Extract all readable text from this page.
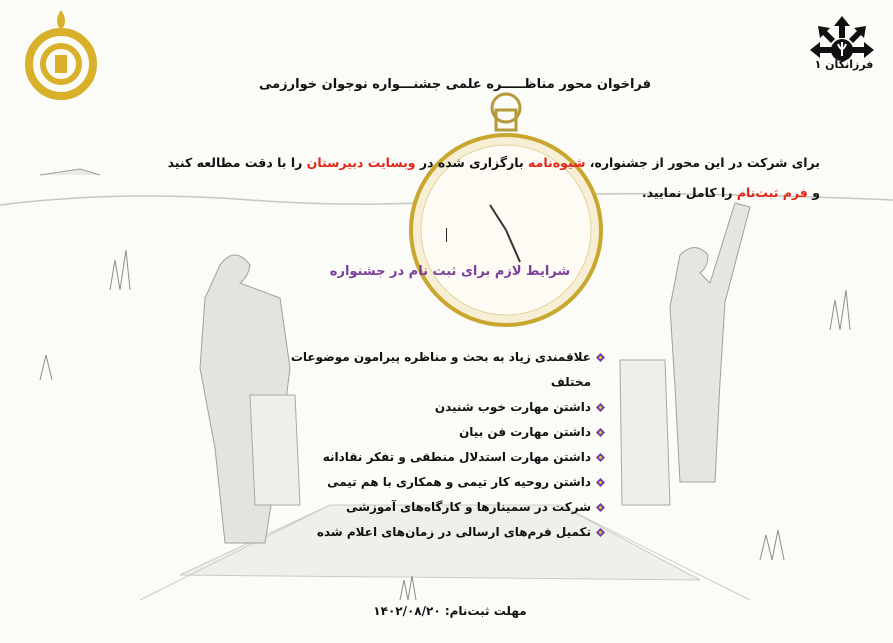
فرزانگان ۱
فراخوان محور مناظـــــره علمی جشنـــواره نوجوان خوارزمی
برای شرکت در این محور از جشنواره، شیوه‌نامه بارگزاری شده در وبسایت دبیرستان را با دقت مطالعه کنید
و فرم ثبت‌نام را کامل نمایید.
شرایط لازم برای ثبت نام در جشنواره
علاقمندی زیاد به بحث و مناظره پیرامون موضوعات مختلف
داشتن مهارت خوب شنیدن
داشتن مهارت فن بیان
داشتن مهارت استدلال منطقی و تفکر نقادانه
داشتن روحیه کار تیمی و همکاری با هم تیمی
شرکت در سمینارها و کارگاه‌های آموزشی
تکمیل فرم‌های ارسالی در زمان‌های اعلام شده
مهلت ثبت‌نام: ۱۴۰۲/۰۸/۲۰
